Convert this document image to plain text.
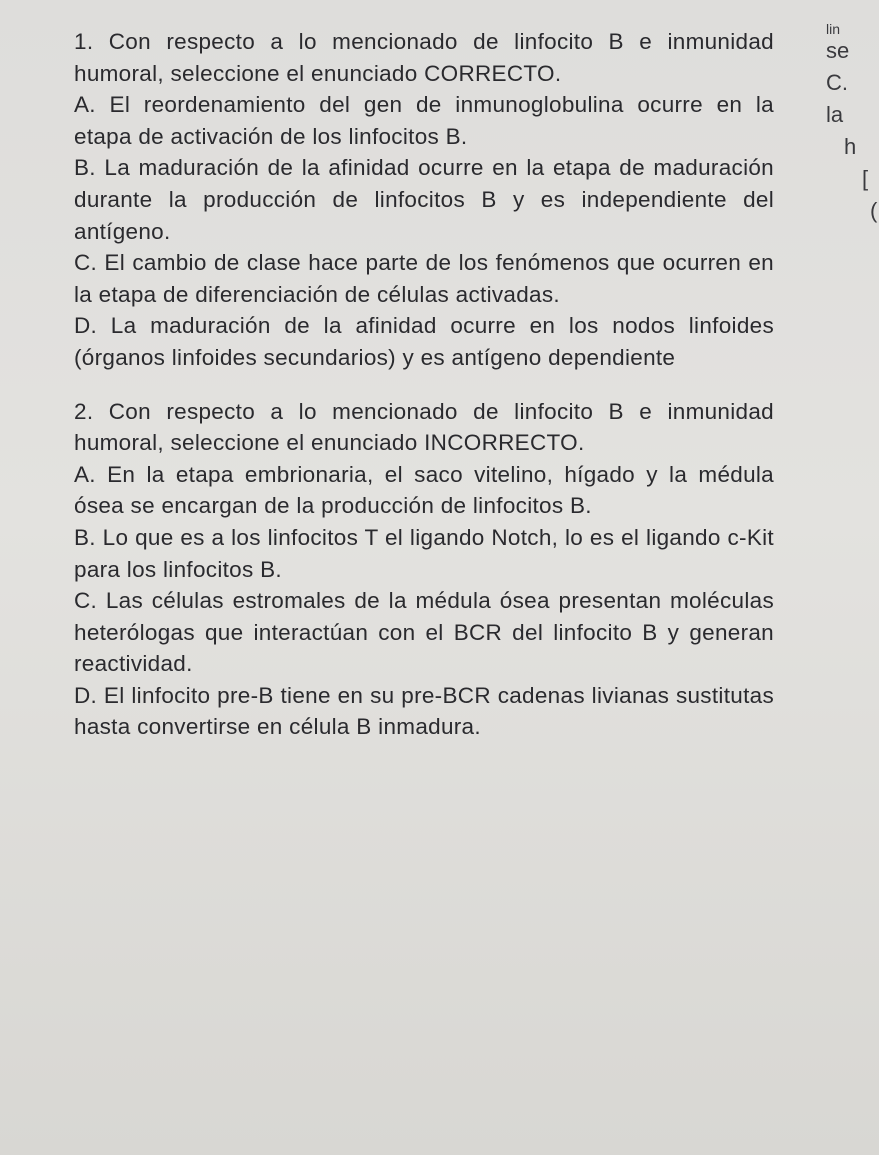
1. Con respecto a lo mencionado de linfocito B e inmunidad humoral, seleccione el enunciado CORRECTO.

A. El reordenamiento del gen de inmunoglobulina ocurre en la etapa de activación de los linfocitos B.

B. La maduración de la afinidad ocurre en la etapa de maduración durante la producción de linfocitos B y es independiente del antígeno.

C. El cambio de clase hace parte de los fenómenos que ocurren en la etapa de diferenciación de células activadas.

D. La maduración de la afinidad ocurre en los nodos linfoides (órganos linfoides secundarios) y es antígeno dependiente

2. Con respecto a lo mencionado de linfocito B e inmunidad humoral, seleccione el enunciado INCORRECTO.

A. En la etapa embrionaria, el saco vitelino, hígado y la médula ósea se encargan de la producción de linfocitos B.

B. Lo que es a los linfocitos T el ligando Notch, lo es el ligando c-Kit para los linfocitos B.

C. Las células estromales de la médula ósea presentan moléculas heterólogas que interactúan con el BCR del linfocito B y generan reactividad.

D. El linfocito pre-B tiene en su pre-BCR cadenas livianas sustitutas hasta convertirse en célula B inmadura.

lin
se
C.
la
h
[
(
